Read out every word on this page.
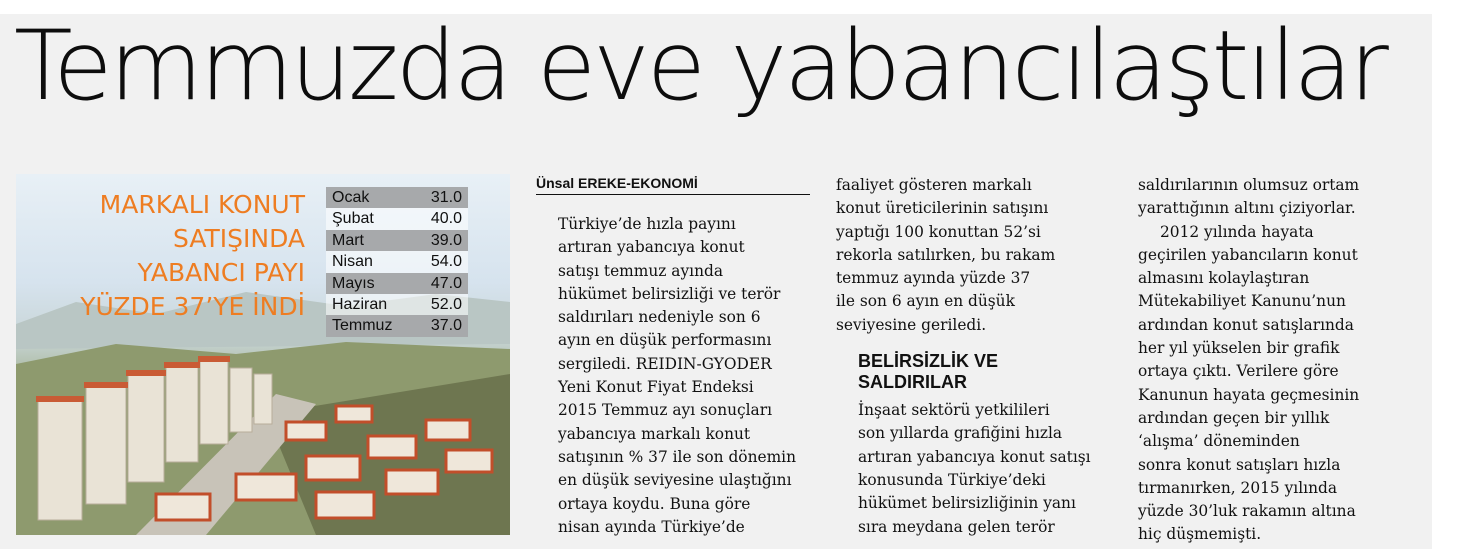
Temmuzda eve yabancılaştılar
MARKALI KONUT
SATIŞINDA
YABANCI PAYI
YÜZDE 37’YE İNDİ
Ocak	31.0
Şubat	40.0
Mart	39.0
Nisan	54.0
Mayıs	47.0
Haziran	52.0
Temmuz 37.0
Ünsal EREKE-EKONOMİ
Türkiye’de hızla payını
artıran yabancıya konut
satışı temmuz ayında
hükümet belirsizliği ve terör
saldırıları nedeniyle son 6
ayın en düşük performasını
sergiledi. REIDIN-GYODER
Yeni Konut Fiyat Endeksi
2015 Temmuz ayı sonuçları
yabancıya markalı konut
satışının % 37 ile son dönemin
en düşük seviyesine ulaştığını
ortaya koydu. Buna göre
nisan ayında Türkiye’de
faaliyet gösteren markalı
konut üreticilerinin satışını
yaptığı 100 konuttan 52’si
rekorla satılırken, bu rakam
temmuz ayında yüzde 37
ile son 6 ayın en düşük
seviyesine geriledi.
BELİRSİZLİK VE
SALDIRILAR
İnşaat sektörü yetkilileri
son yıllarda grafiğini hızla
artıran yabancıya konut satışı
konusunda Türkiye’deki
hükümet belirsizliğinin yanı
sıra meydana gelen terör
saldırılarının olumsuz ortam
yarattığının altını çiziyorlar.
2012 yılında hayata
geçirilen yabancıların konut
almasını kolaylaştıran
Mütekabiliyet Kanunu’nun
ardından konut satışlarında
her yıl yükselen bir grafik
ortaya çıktı. Verilere göre
Kanunun hayata geçmesinin
ardından geçen bir yıllık
‘alışma’ döneminden
sonra konut satışları hızla
tırmanırken, 2015 yılında
yüzde 30’luk rakamın altına
hiç düşmemişti.
